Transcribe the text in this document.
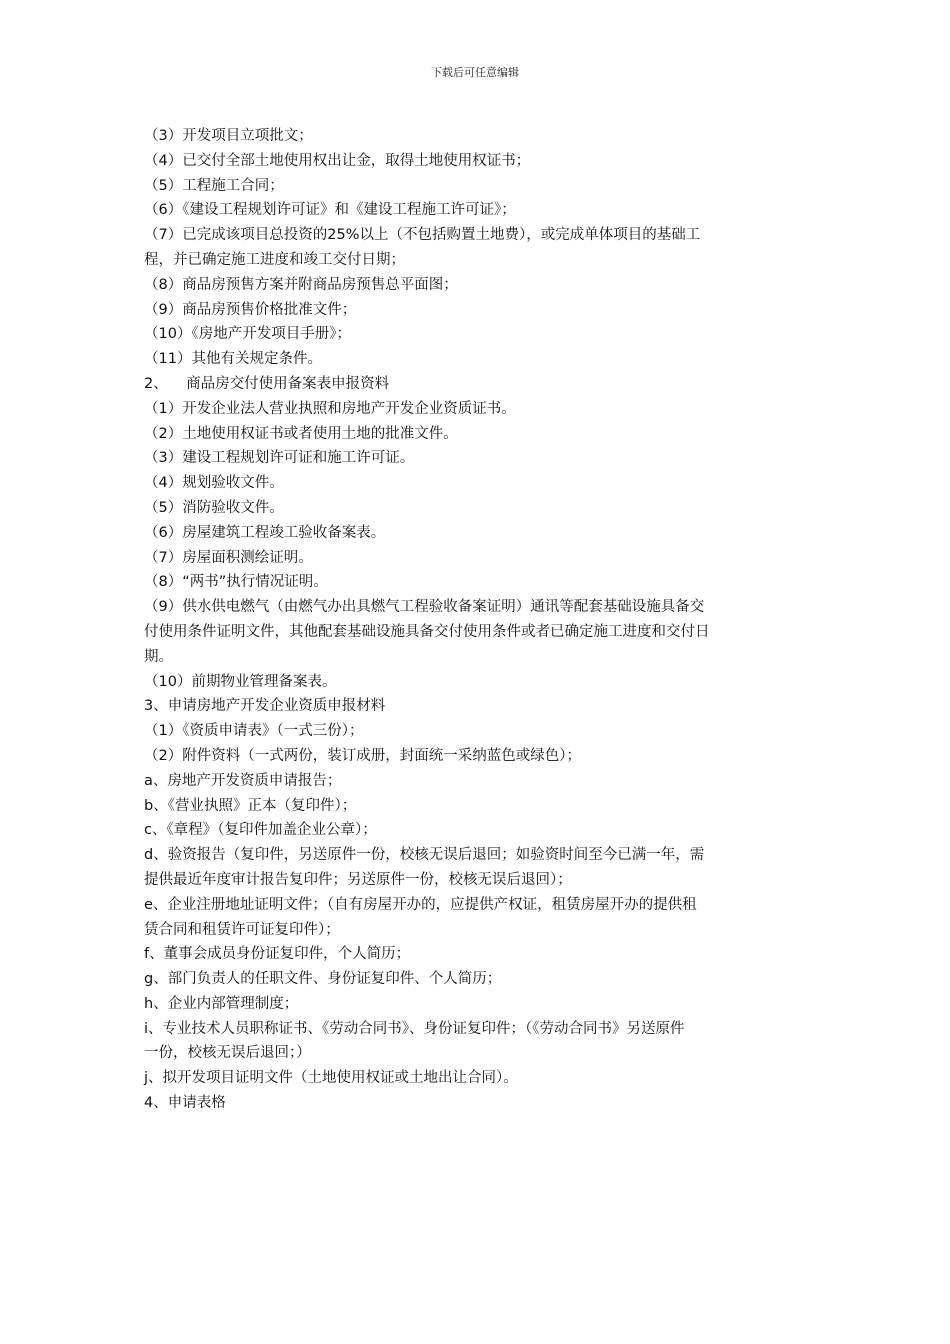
下载后可任意编辑

（3）开发项目立项批文；

（4）已交付全部土地使用权出让金，取得土地使用权证书；

（5）工程施工合同；

（6）《建设工程规划许可证》和《建设工程施工许可证》；

（7）已完成该项目总投资的25%以上（不包括购置土地费），或完成单体项目的基础工

程，并已确定施工进度和竣工交付日期；

（8）商品房预售方案并附商品房预售总平面图；

（9）商品房预售价格批准文件；

（10）《房地产开发项目手册》；

（11）其他有关规定条件。

2、    商品房交付使用备案表申报资料

（1）开发企业法人营业执照和房地产开发企业资质证书。

（2）土地使用权证书或者使用土地的批准文件。

（3）建设工程规划许可证和施工许可证。

（4）规划验收文件。

（5）消防验收文件。

（6）房屋建筑工程竣工验收备案表。

（7）房屋面积测绘证明。

（8）“两书”执行情况证明。

（9）供水供电燃气（由燃气办出具燃气工程验收备案证明）通讯等配套基础设施具备交

付使用条件证明文件，其他配套基础设施具备交付使用条件或者已确定施工进度和交付日

期。

（10）前期物业管理备案表。

3、申请房地产开发企业资质申报材料

（1）《资质申请表》（一式三份）；

（2）附件资料（一式两份，装订成册，封面统一采纳蓝色或绿色）；

a、房地产开发资质申请报告；

b、《营业执照》正本（复印件）；

c、《章程》（复印件加盖企业公章）；

d、验资报告（复印件，另送原件一份，校核无误后退回；如验资时间至今已满一年，需

提供最近年度审计报告复印件；另送原件一份，校核无误后退回）；

e、企业注册地址证明文件；（自有房屋开办的，应提供产权证，租赁房屋开办的提供租

赁合同和租赁许可证复印件）；

f、董事会成员身份证复印件，个人简历；

g、部门负责人的任职文件、身份证复印件、个人简历；

h、企业内部管理制度；

i、专业技术人员职称证书、《劳动合同书》、身份证复印件；（《劳动合同书》另送原件

一份，校核无误后退回；）

j、拟开发项目证明文件（土地使用权证或土地出让合同）。

4、申请表格
